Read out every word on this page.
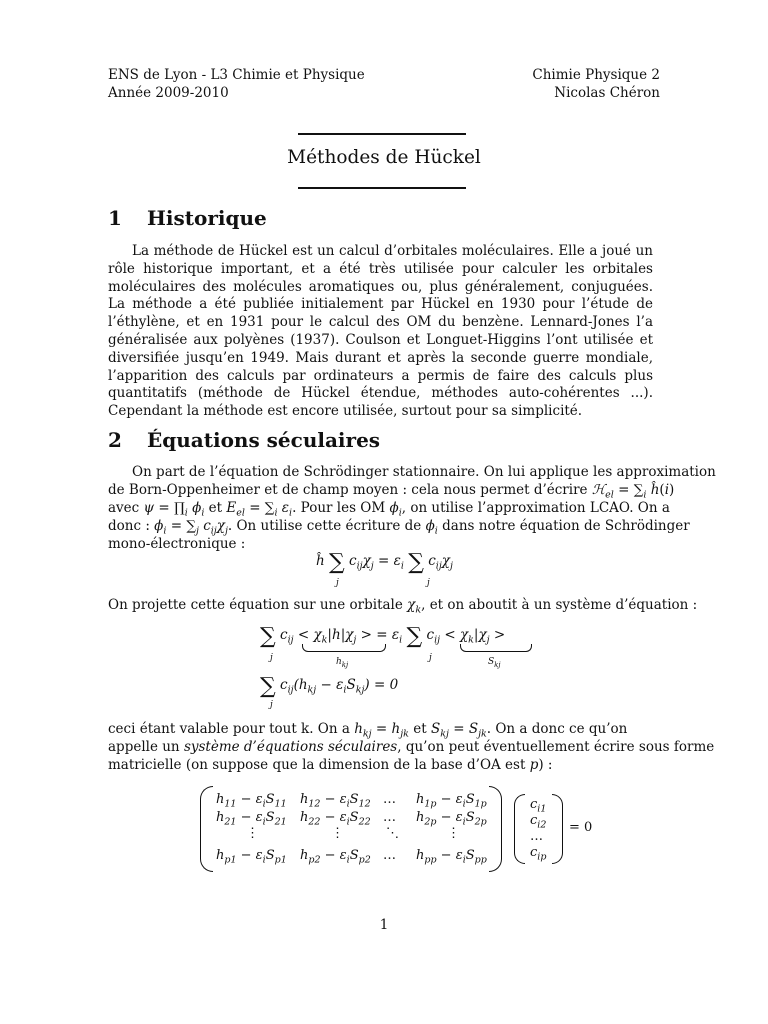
ENS de Lyon - L3 Chimie et Physique
Année 2009-2010
Chimie Physique 2
Nicolas Chéron
Méthodes de Hückel
1 Historique
La méthode de Hückel est un calcul d’orbitales moléculaires. Elle a joué un rôle historique important, et a été très utilisée pour calculer les orbitales moléculaires des molécules aromatiques ou, plus généralement, conjuguées. La méthode a été publiée initialement par Hückel en 1930 pour l’étude de l’éthylène, et en 1931 pour le calcul des OM du benzène. Lennard-Jones l’a généralisée aux polyènes (1937). Coulson et Longuet-Higgins l’ont utilisée et diversifiée jusqu’en 1949. Mais durant et après la seconde guerre mondiale, l’apparition des calculs par ordinateurs a permis de faire des calculs plus quantitatifs (méthode de Hückel étendue, méthodes auto-cohérentes ...). Cependant la méthode est encore utilisée, surtout pour sa simplicité.
2 Équations séculaires
On part de l’équation de Schrödinger stationnaire. On lui applique les approximation
de Born-Oppenheimer et de champ moyen : cela nous permet d’écrire ℋ$_{el}$ = $\sum_i$ ĥ(i)
avec $\psi = \prod_i$ $\phi_i$ et $E_{el} = \sum_i$ $\varepsilon_i$. Pour les OM $\phi_i$, on utilise l’approximation LCAO. On a
donc : $\phi_i = \sum_j$ $c_{ij}\chi_j$. On utilise cette écriture de $\phi_i$ dans notre équation de Schrödinger
mono-électronique :
ĥ ∑ $c_{ij}\chi_j = \varepsilon_i$ ∑ $c_{ij}\chi_j$
j	j
On projette cette équation sur une orbitale $\chi_k$, et on aboutit à un système d’équation :
∑ $c_{ij} < \chi_k|h|\chi_j$ > = $\varepsilon_i$ ∑ $c_{ij} < \chi_k|\chi_j$ >
j	$h_{kj}$
j	$S_{kj}$
∑ $c_{ij}(h_{kj} - \varepsilon_iS_{kj}) = 0$
j
ceci étant valable pour tout k. On a $h_{kj} = h_{jk}$ et $S_{kj} = S_{jk}$. On a donc ce qu’on
appelle un système d’équations séculaires, qu’on peut éventuellement écrire sous forme
matricielle (on suppose que la dimension de la base d’OA est p) :
$h_{11} - \varepsilon_iS_{11}$ $h_{12} - \varepsilon_iS_{12}$ … $h_{1p} - \varepsilon_iS_{1p}$
$h_{21} - \varepsilon_iS_{21}$ $h_{22} - \varepsilon_iS_{22}$ … $h_{2p} - \varepsilon_iS_{2p}$
⋮	⋮	⋱	⋮
$h_{p1} - \varepsilon_iS_{p1}$ $h_{p2} - \varepsilon_iS_{p2}$ … $h_{pp} - \varepsilon_iS_{pp}$
$c_{i1}$
$c_{i2}$
…
$c_{ip}$
= 0
1
